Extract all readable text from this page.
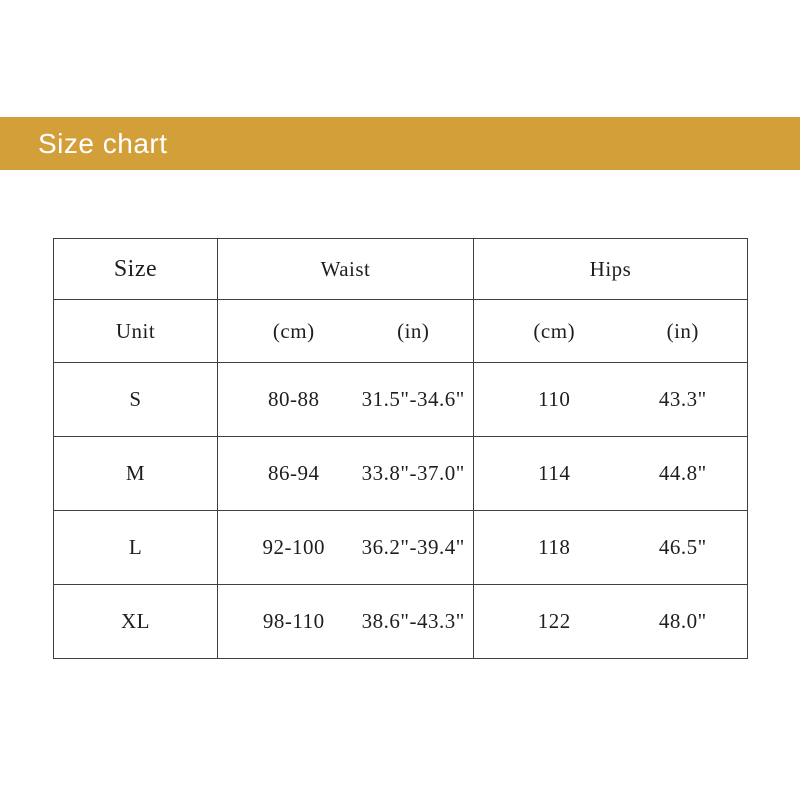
Size chart
Size	Waist	Hips
Unit	(cm) (in)	(cm) (in)

S	80-88 31.5"-34.6"	110 43.3"

M	86-94 33.8"-37.0"	114 44.8"

L	92-100 36.2"-39.4"	118 46.5"

XL	98-110 38.6"-43.3"	122 48.0"
